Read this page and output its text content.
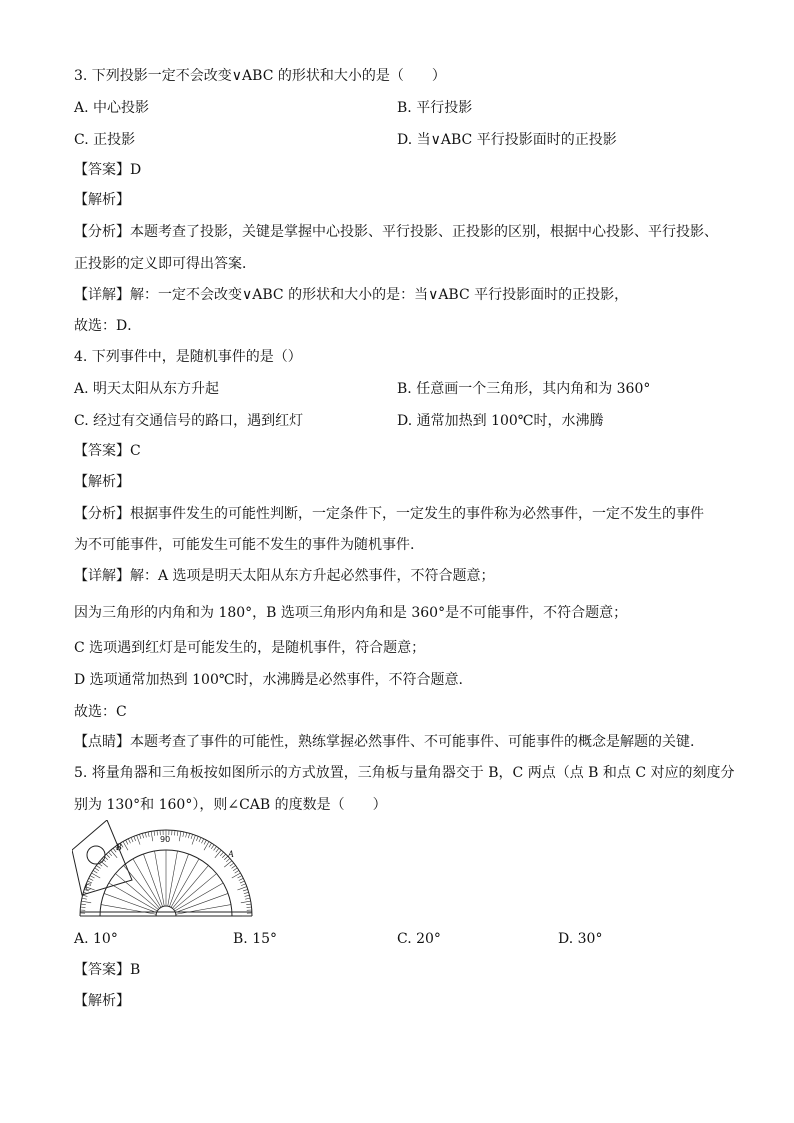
3. 下列投影一定不会改变∨ABC 的形状和大小的是（　　）
A. 中心投影	B. 平行投影
C. 正投影	D. 当∨ABC 平行投影面时的正投影
【答案】D
【解析】
【分析】本题考查了投影，关键是掌握中心投影、平行投影、正投影的区别，根据中心投影、平行投影、
正投影的定义即可得出答案．
【详解】解：一定不会改变∨ABC 的形状和大小的是：当∨ABC 平行投影面时的正投影，
故选：D．
4. 下列事件中，是随机事件的是（）
A. 明天太阳从东方升起	B. 任意画一个三角形，其内角和为 360°
C. 经过有交通信号的路口，遇到红灯	D. 通常加热到 100℃时，水沸腾
【答案】C
【解析】
【分析】根据事件发生的可能性判断，一定条件下，一定发生的事件称为必然事件，一定不发生的事件
为不可能事件，可能发生可能不发生的事件为随机事件.
【详解】解：A 选项是明天太阳从东方升起必然事件，不符合题意；
因为三角形的内角和为 180°，B 选项三角形内角和是 360°是不可能事件，不符合题意；
C 选项遇到红灯是可能发生的，是随机事件，符合题意；
D 选项通常加热到 100℃时，水沸腾是必然事件，不符合题意.
故选：C
【点睛】本题考查了事件的可能性，熟练掌握必然事件、不可能事件、可能事件的概念是解题的关键.
5. 将量角器和三角板按如图所示的方式放置，三角板与量角器交于 B，C 两点（点 B 和点 C 对应的刻度分
别为 130°和 160°），则∠CAB 的度数是（　　）
B
A
C
90
A. 10°	B. 15°	C. 20°	D. 30°
【答案】B
【解析】
